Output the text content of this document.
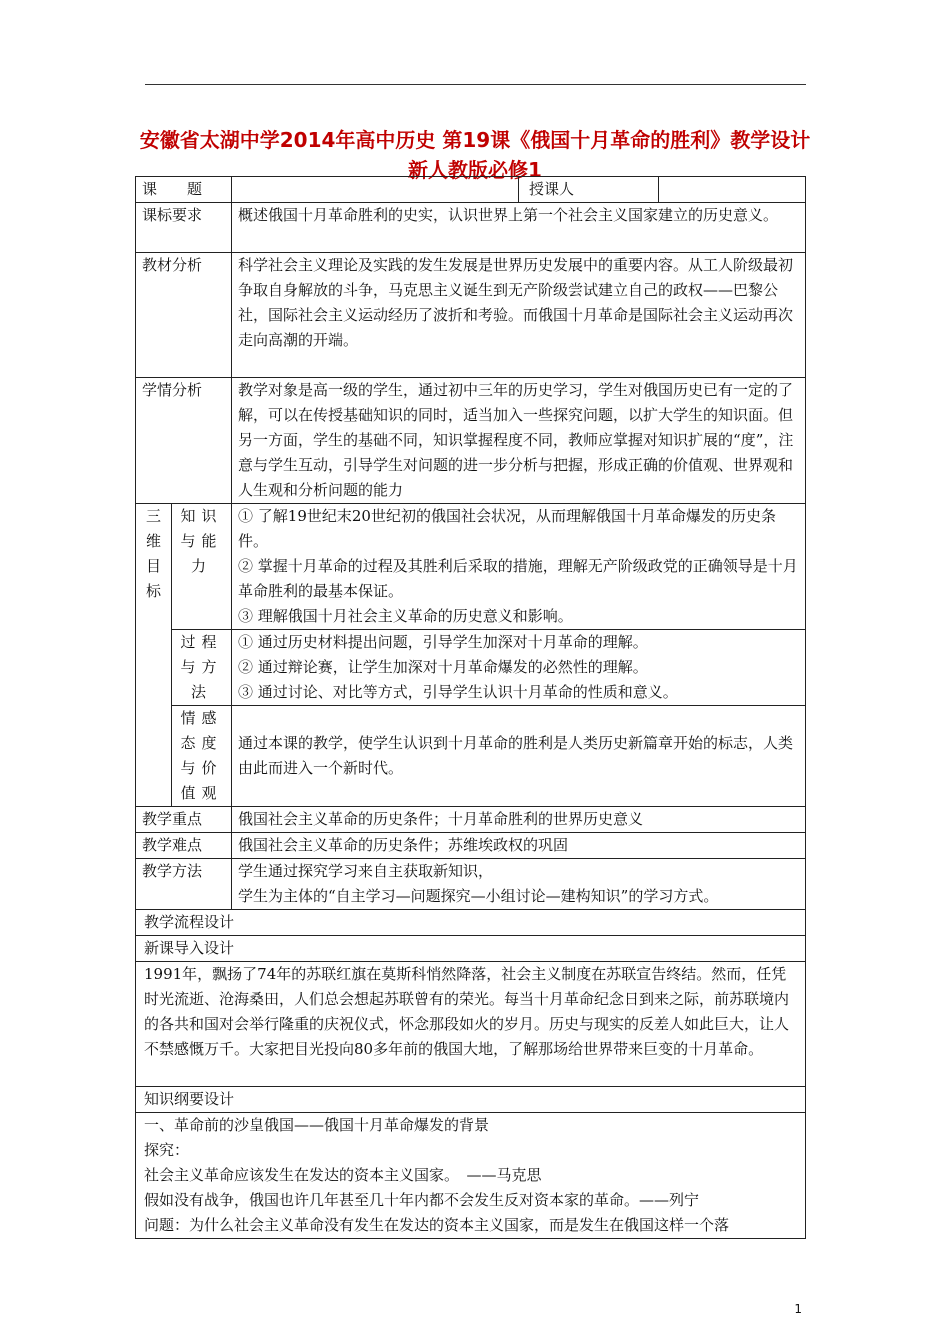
安徽省太湖中学2014年高中历史 第19课《俄国十月革命的胜利》教学设计 新人教版必修1
课　　题			授课人	
课标要求		概述俄国十月革命胜利的史实，认识世界上第一个社会主义国家建立的历史意义。		
教材分析		科学社会主义理论及实践的发生发展是世界历史发展中的重要内容。从工人阶级最初争取自身解放的斗争，马克思主义诞生到无产阶级尝试建立自己的政权——巴黎公社，国际社会主义运动经历了波折和考验。而俄国十月革命是国际社会主义运动再次走向高潮的开端。		
学情分析		教学对象是高一级的学生，通过初中三年的历史学习，学生对俄国历史已有一定的了解，可以在传授基础知识的同时，适当加入一些探究问题，以扩大学生的知识面。但另一方面，学生的基础不同，知识掌握程度不同，教师应掌握对知识扩展的“度”，注意与学生互动，引导学生对问题的进一步分析与把握，形成正确的价值观、世界观和人生观和分析问题的能力		

三维目标	知识与能力	① 了解19世纪末20世纪初的俄国社会状况，从而理解俄国十月革命爆发的历史条件。

② 掌握十月革命的过程及其胜利后采取的措施，理解无产阶级政党的正确领导是十月革命胜利的最基本保证。

③ 理解俄国十月社会主义革命的历史意义和影响。		

	过程与方法	① 通过历史材料提出问题，引导学生加深对十月革命的理解。

② 通过辩论赛，让学生加深对十月革命爆发的必然性的理解。

③ 通过讨论、对比等方式，引导学生认识十月革命的性质和意义。		

	情感态度与价值观	通过本课的教学，使学生认识到十月革命的胜利是人类历史新篇章开始的标志，人类由此而进入一个新时代。		
教学重点		俄国社会主义革命的历史条件；十月革命胜利的世界历史意义		
教学难点		俄国社会主义革命的历史条件；苏维埃政权的巩固		
教学方法		学生通过探究学习来自主获取新知识，

学生为主体的“自主学习—问题探究—小组讨论—建构知识”的学习方式。		

教学流程设计				
新课导入设计				
1991年，飘扬了74年的苏联红旗在莫斯科悄然降落，社会主义制度在苏联宣告终结。然而，任凭时光流逝、沧海桑田，人们总会想起苏联曾有的荣光。每当十月革命纪念日到来之际，前苏联境内的各共和国对会举行隆重的庆祝仪式，怀念那段如火的岁月。历史与现实的反差人如此巨大，让人不禁感慨万千。大家把目光投向80多年前的俄国大地，了解那场给世界带来巨变的十月革命。				
知识纲要设计				

一、革命前的沙皇俄国——俄国十月革命爆发的背景

探究：

社会主义革命应该发生在发达的资本主义国家。　——马克思

假如没有战争，俄国也许几年甚至几十年内都不会发生反对资本家的革命。——列宁

问题：为什么社会主义革命没有发生在发达的资本主义国家，而是发生在俄国这样一个落				

1
